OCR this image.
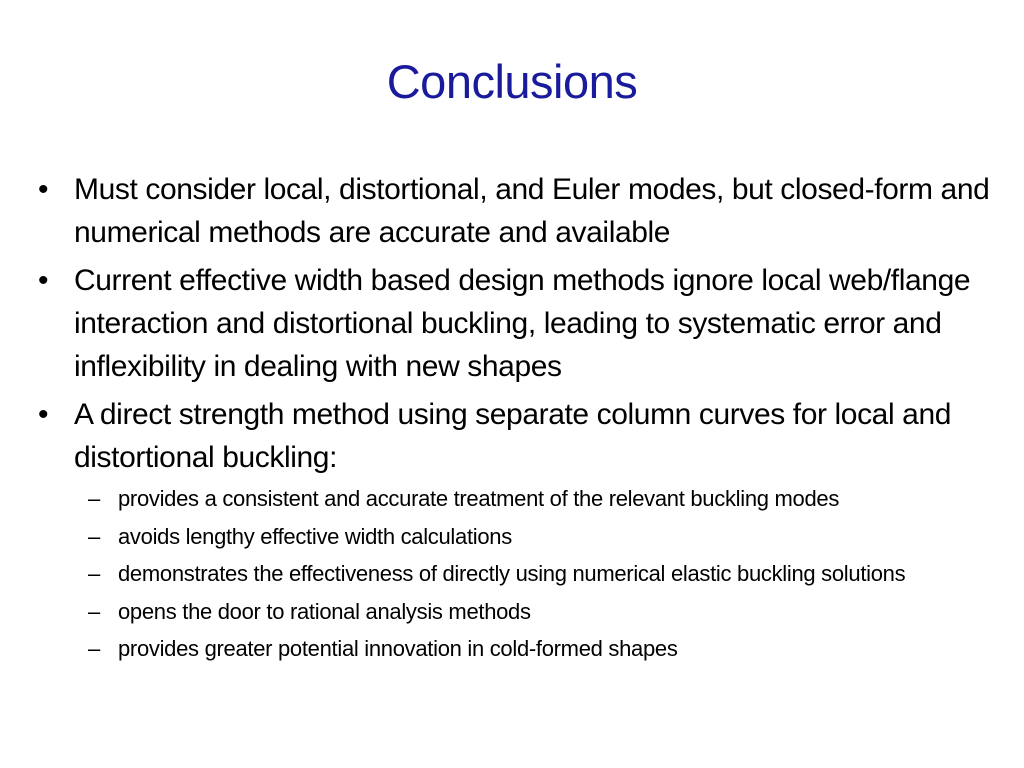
Conclusions
• Must consider local, distortional, and Euler modes, but closed-form and numerical methods are accurate and available
• Current effective width based design methods ignore local web/flange interaction and distortional buckling, leading to systematic error and inflexibility in dealing with new shapes
• A direct strength method using separate column curves for local and distortional buckling:
– provides a consistent and accurate treatment of the relevant buckling modes
– avoids lengthy effective width calculations
– demonstrates the effectiveness of directly using numerical elastic buckling solutions
– opens the door to rational analysis methods
– provides greater potential innovation in cold-formed shapes
